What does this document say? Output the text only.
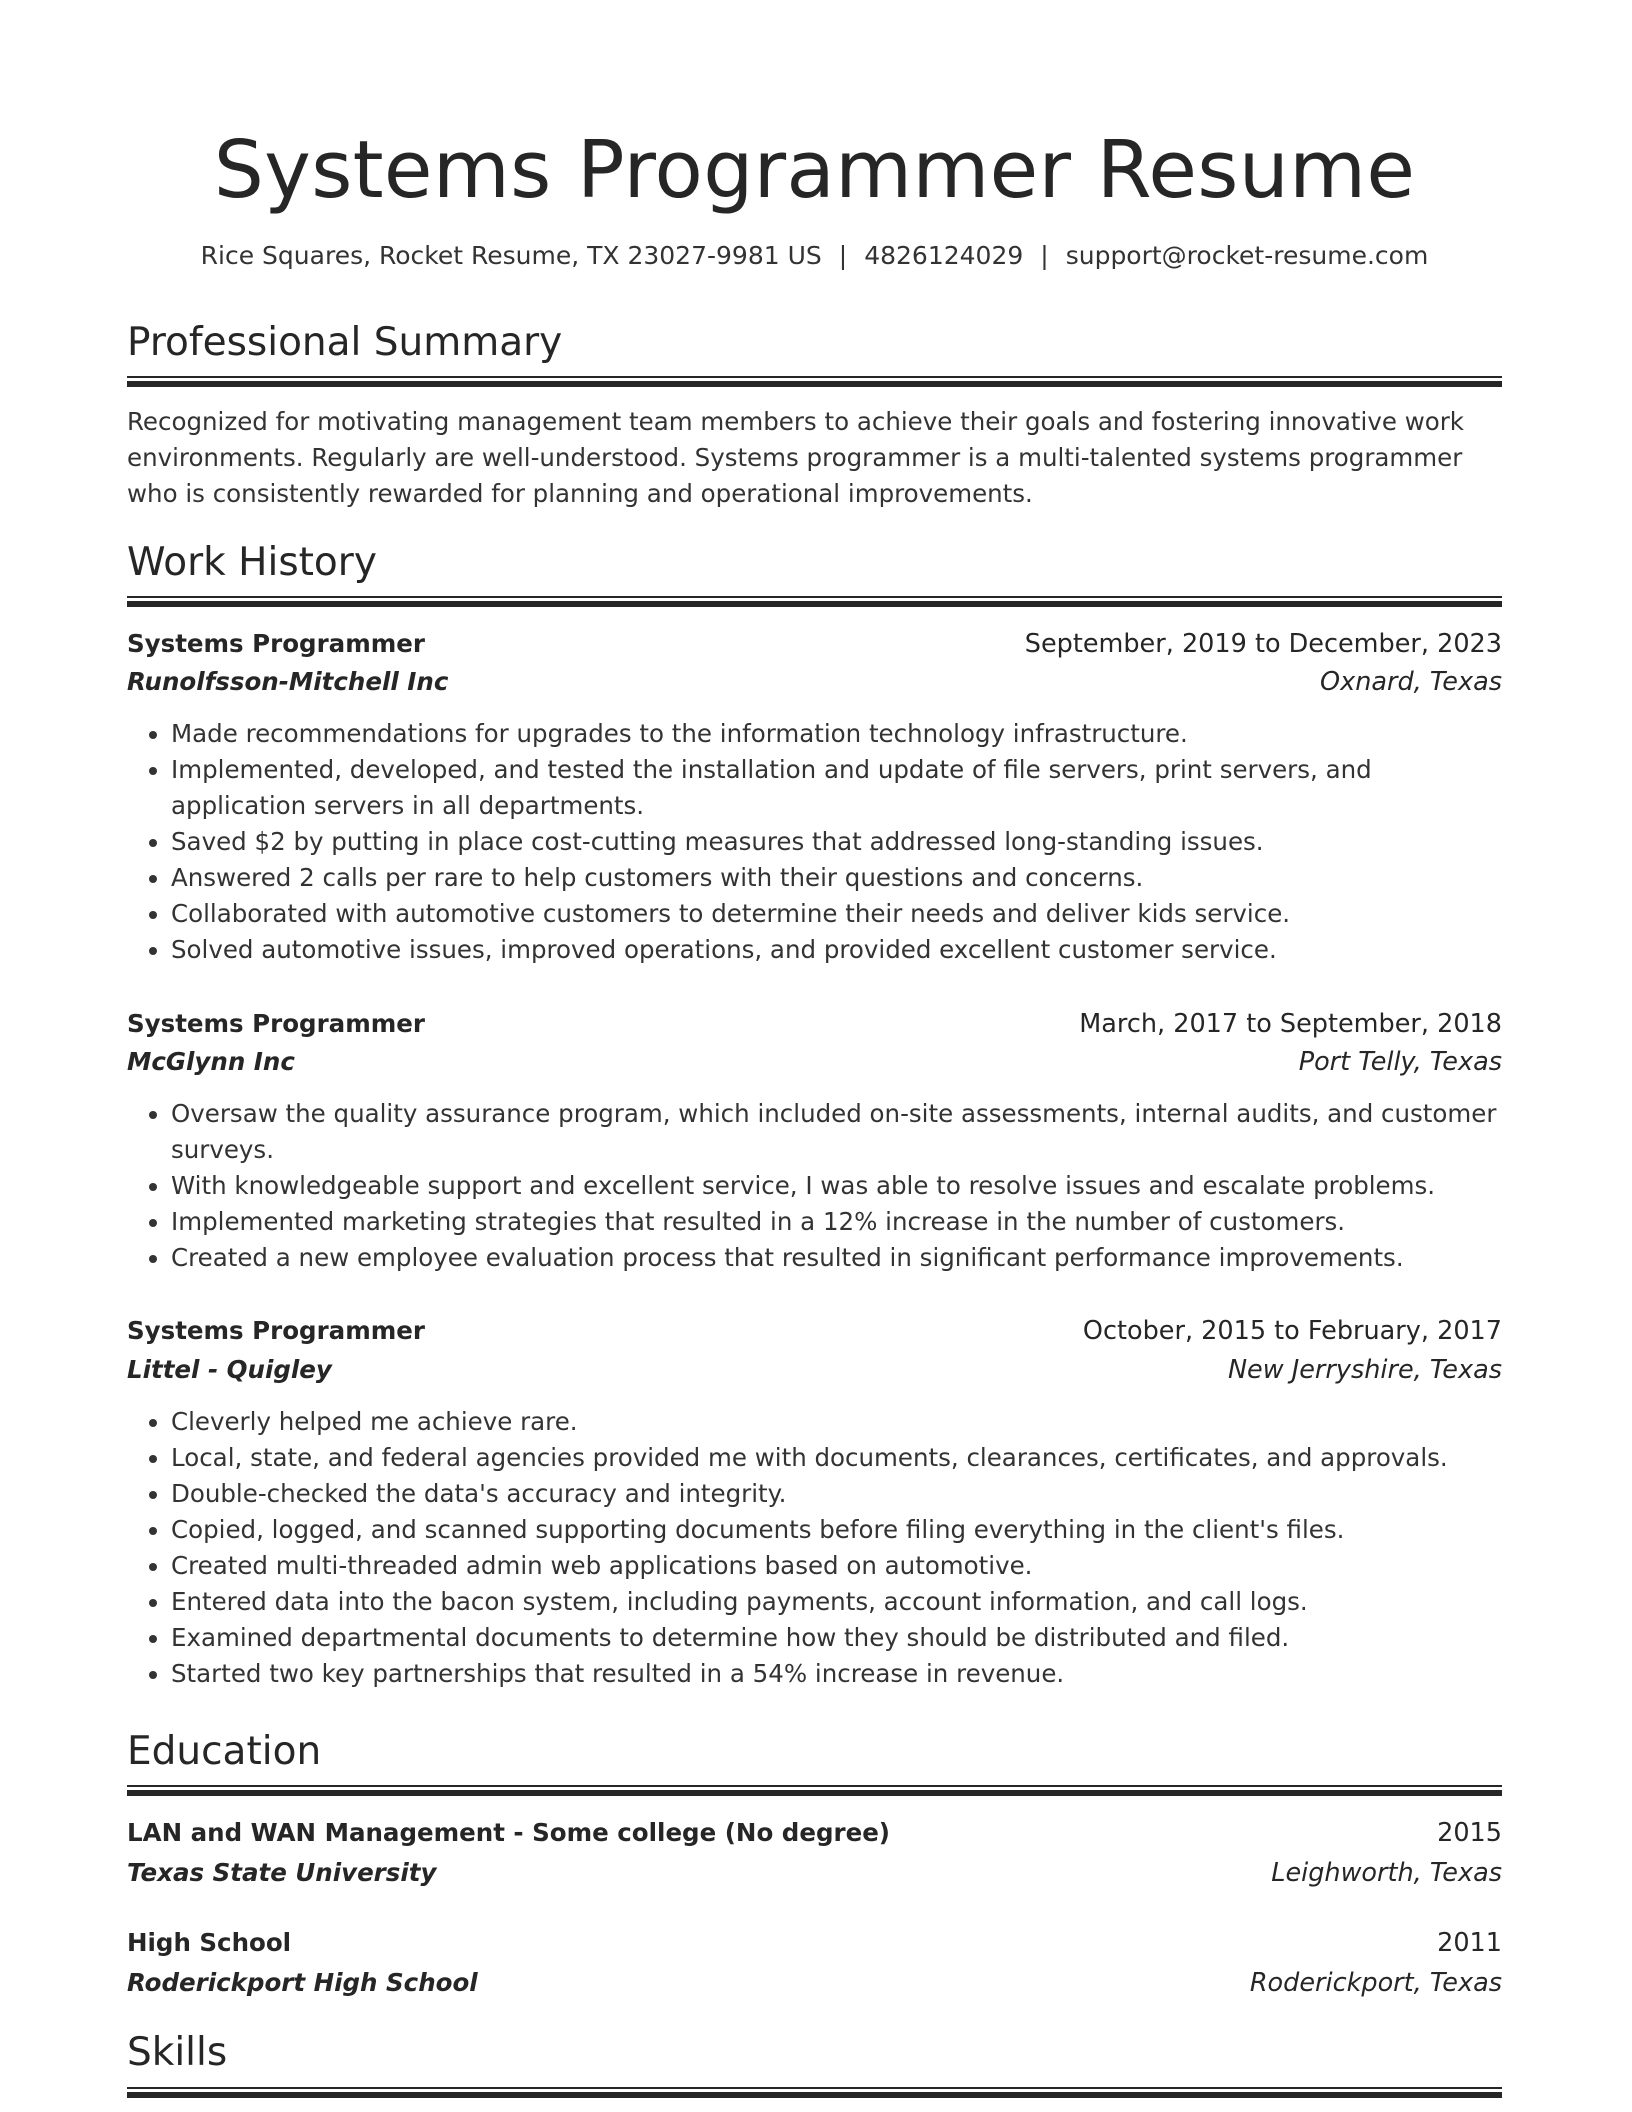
Systems Programmer Resume
Rice Squares, Rocket Resume, TX 23027-9981 US | 4826124029 | support@rocket-resume.com
Professional Summary

Recognized for motivating management team members to achieve their goals and fostering innovative work environments. Regularly are well-understood. Systems programmer is a multi-talented systems programmer who is consistently rewarded for planning and operational improvements.

Work History
Systems Programmer	September, 2019 to December, 2023
Runolfsson-Mitchell Inc	Oxnard, Texas
• Made recommendations for upgrades to the information technology infrastructure.
• Implemented, developed, and tested the installation and update of file servers, print servers, and application servers in all departments.
• Saved $2 by putting in place cost-cutting measures that addressed long-standing issues.
• Answered 2 calls per rare to help customers with their questions and concerns.
• Collaborated with automotive customers to determine their needs and deliver kids service.
• Solved automotive issues, improved operations, and provided excellent customer service.
Systems Programmer	March, 2017 to September, 2018
McGlynn Inc	Port Telly, Texas
• Oversaw the quality assurance program, which included on-site assessments, internal audits, and customer surveys.
• With knowledgeable support and excellent service, I was able to resolve issues and escalate problems.
• Implemented marketing strategies that resulted in a 12% increase in the number of customers.
• Created a new employee evaluation process that resulted in significant performance improvements.
Systems Programmer	October, 2015 to February, 2017
Littel - Quigley	New Jerryshire, Texas
• Cleverly helped me achieve rare.
• Local, state, and federal agencies provided me with documents, clearances, certificates, and approvals.
• Double-checked the data's accuracy and integrity.
• Copied, logged, and scanned supporting documents before filing everything in the client's files.
• Created multi-threaded admin web applications based on automotive.
• Entered data into the bacon system, including payments, account information, and call logs.
• Examined departmental documents to determine how they should be distributed and filed.
• Started two key partnerships that resulted in a 54% increase in revenue.
Education
LAN and WAN Management - Some college (No degree)	2015
Texas State University	Leighworth, Texas
High School	2011
Roderickport High School	Roderickport, Texas
Skills
